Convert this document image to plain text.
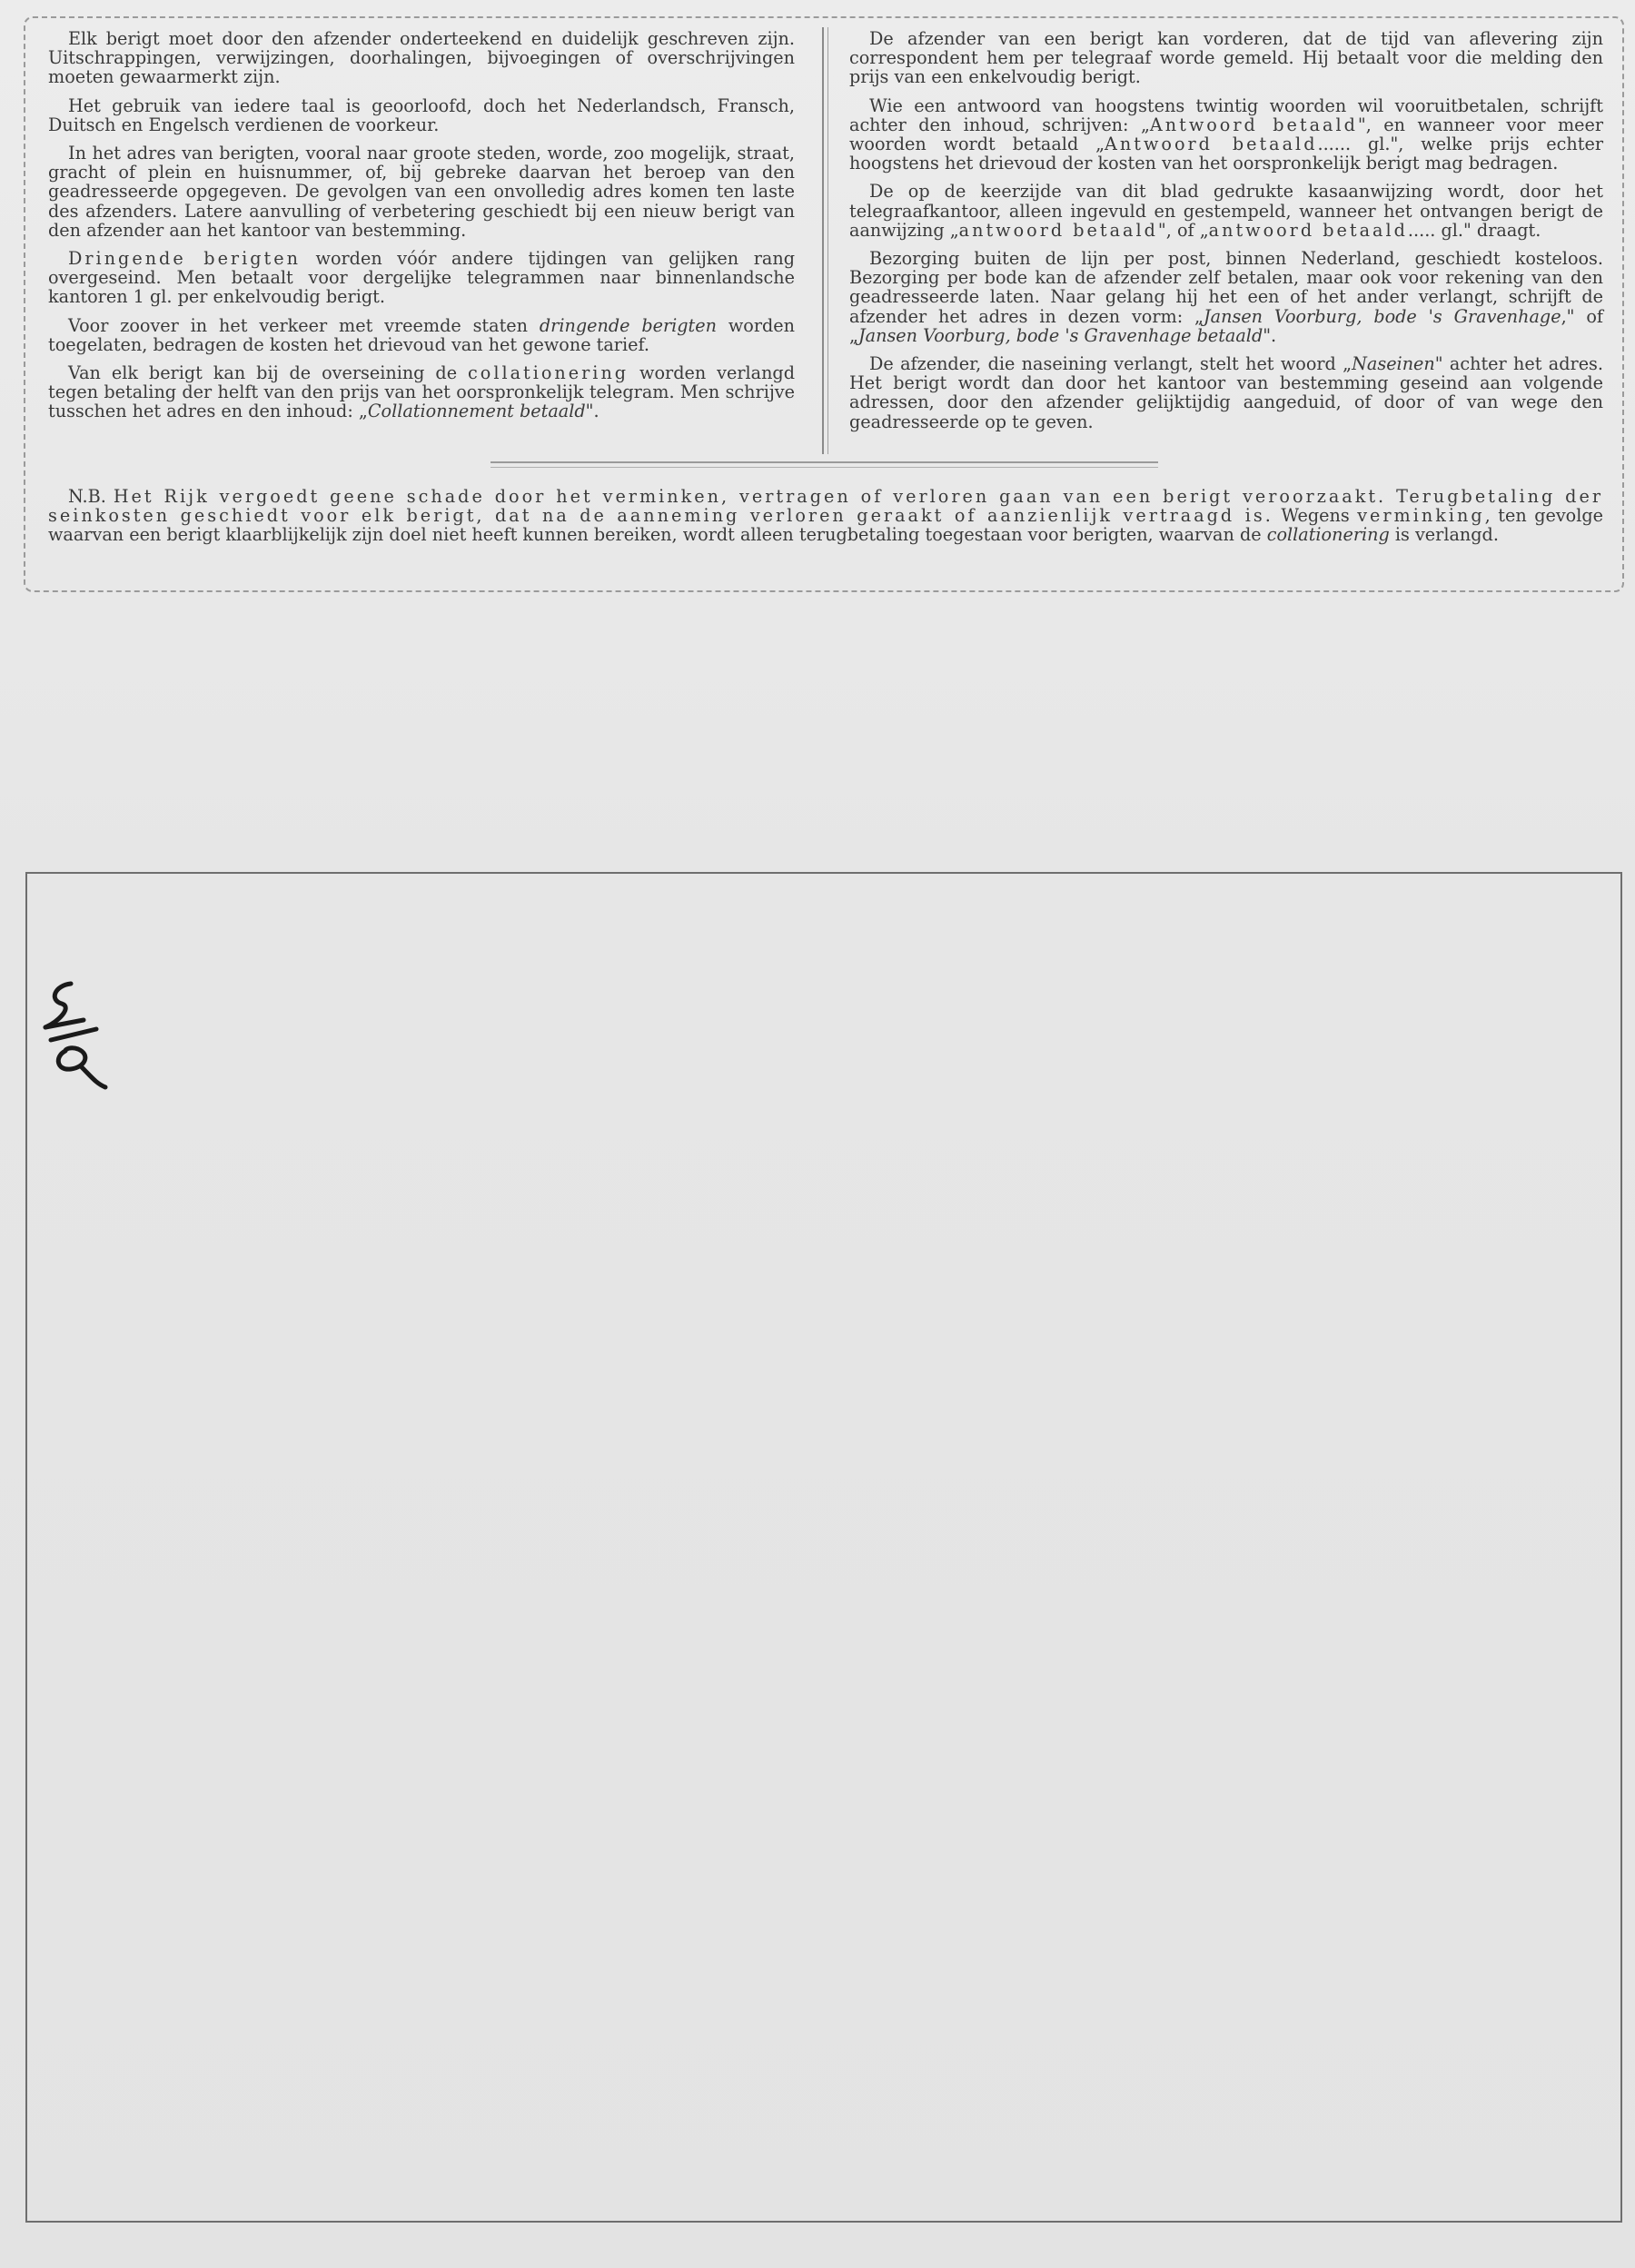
Elk berigt moet door den afzender onderteekend en duidelijk geschreven zijn. Uitschrappingen, verwijzingen, doorhalingen, bijvoegingen of overschrijvingen moeten gewaarmerkt zijn.

Het gebruik van iedere taal is geoorloofd, doch het Nederlandsch, Fransch, Duitsch en Engelsch verdienen de voorkeur.

In het adres van berigten, vooral naar groote steden, worde, zoo mogelijk, straat, gracht of plein en huisnummer, of, bij gebreke daarvan het beroep van den geadresseerde opgegeven. De gevolgen van een onvolledig adres komen ten laste des afzenders. Latere aanvulling of verbetering geschiedt bij een nieuw berigt van den afzender aan het kantoor van bestemming.

Dringende berigten worden vóór andere tijdingen van gelijken rang overgeseind. Men betaalt voor dergelijke telegrammen naar binnenlandsche kantoren 1 gl. per enkelvoudig berigt.

Voor zoover in het verkeer met vreemde staten dringende berigten worden toegelaten, bedragen de kosten het drievoud van het gewone tarief.

Van elk berigt kan bij de overseining de collationering worden verlangd tegen betaling der helft van den prijs van het oorspronkelijk telegram. Men schrijve tusschen het adres en den inhoud: „Collationnement betaald".

De afzender van een berigt kan vorderen, dat de tijd van aflevering zijn correspondent hem per telegraaf worde gemeld. Hij betaalt voor die melding den prijs van een enkelvoudig berigt.

Wie een antwoord van hoogstens twintig woorden wil vooruitbetalen, schrijft achter den inhoud, schrijven: „Antwoord betaald", en wanneer voor meer woorden wordt betaald „Antwoord betaald...... gl.", welke prijs echter hoogstens het drievoud der kosten van het oorspronkelijk berigt mag bedragen.

De op de keerzijde van dit blad gedrukte kasaanwijzing wordt, door het telegraafkantoor, alleen ingevuld en gestempeld, wanneer het ontvangen berigt de aanwijzing „antwoord betaald", of „antwoord betaald..... gl." draagt.

Bezorging buiten de lijn per post, binnen Nederland, geschiedt kosteloos. Bezorging per bode kan de afzender zelf betalen, maar ook voor rekening van den geadresseerde laten. Naar gelang hij het een of het ander verlangt, schrijft de afzender het adres in dezen vorm: „Jansen Voorburg, bode 's Gravenhage," of „Jansen Voorburg, bode 's Gravenhage betaald".

De afzender, die naseining verlangt, stelt het woord „Naseinen" achter het adres. Het berigt wordt dan door het kantoor van bestemming geseind aan volgende adressen, door den afzender gelijktijdig aangeduid, of door of van wege den geadresseerde op te geven.

N.B. Het Rijk vergoedt geene schade door het verminken, vertragen of verloren gaan van een berigt veroorzaakt. Terugbetaling der seinkosten geschiedt voor elk berigt, dat na de aanneming verloren geraakt of aanzienlijk vertraagd is. Wegens verminking, ten gevolge waarvan een berigt klaarblijkelijk zijn doel niet heeft kunnen bereiken, wordt alleen terugbetaling toegestaan voor berigten, waarvan de collationering is verlangd.
